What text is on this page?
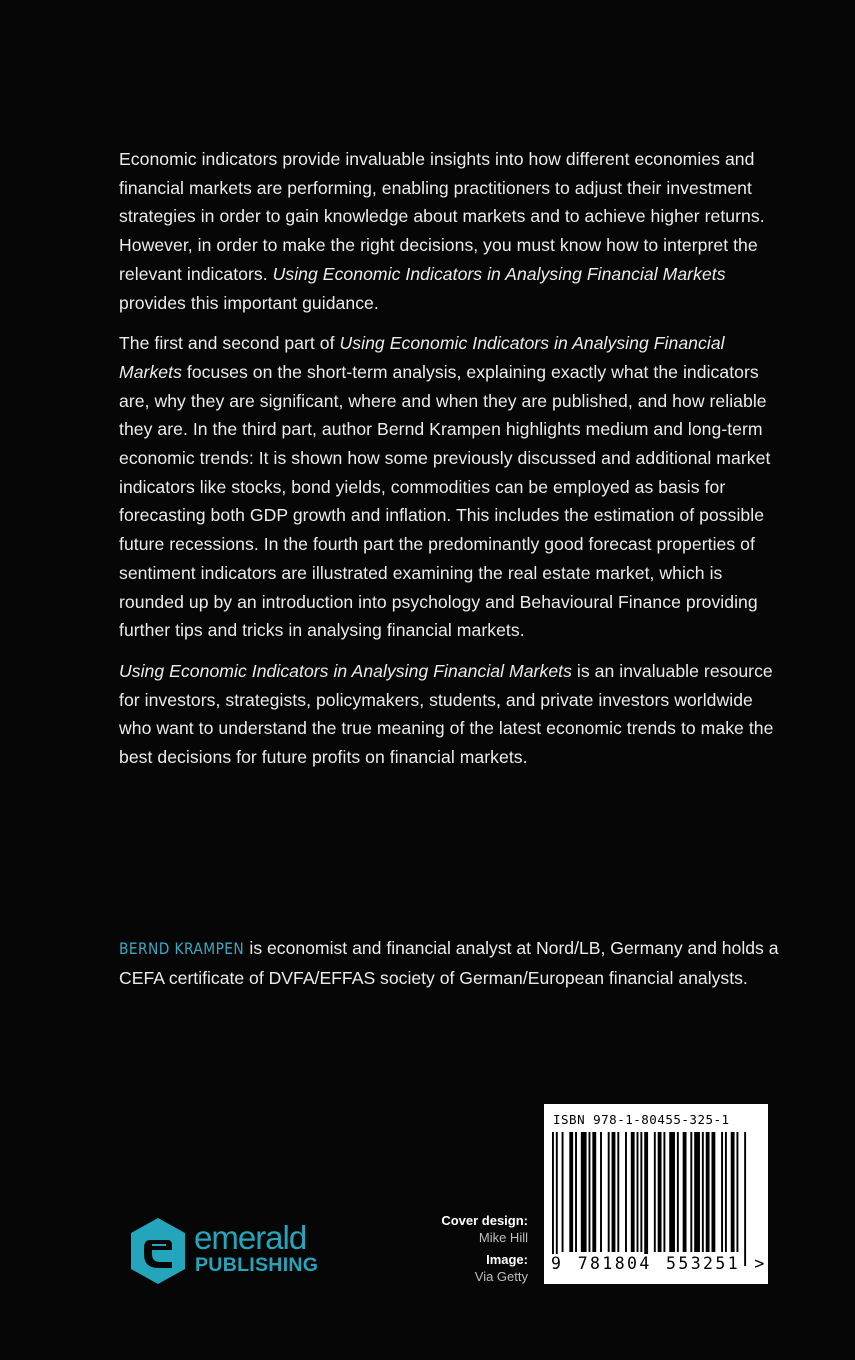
Economic indicators provide invaluable insights into how different economies and financial markets are performing, enabling practitioners to adjust their investment strategies in order to gain knowledge about markets and to achieve higher returns. However, in order to make the right decisions, you must know how to interpret the relevant indicators. Using Economic Indicators in Analysing Financial Markets provides this important guidance.

The first and second part of Using Economic Indicators in Analysing Financial Markets focuses on the short-term analysis, explaining exactly what the indicators are, why they are significant, where and when they are published, and how reliable they are. In the third part, author Bernd Krampen highlights medium and long-term economic trends: It is shown how some previously discussed and additional market indicators like stocks, bond yields, commodities can be employed as basis for forecasting both GDP growth and inflation. This includes the estimation of possible future recessions. In the fourth part the predominantly good forecast properties of sentiment indicators are illustrated examining the real estate market, which is rounded up by an introduction into psychology and Behavioural Finance providing further tips and tricks in analysing financial markets.

Using Economic Indicators in Analysing Financial Markets is an invaluable resource for investors, strategists, policymakers, students, and private investors worldwide who want to understand the true meaning of the latest economic trends to make the best decisions for future profits on financial markets.

BERND KRAMPEN is economist and financial analyst at Nord/LB, Germany and holds a CEFA certificate of DVFA/EFFAS society of German/European financial analysts.
emerald
PUBLISHING
Cover design:
Mike Hill
Image:
Via Getty
ISBN 978-1-80455-325-1
9 781804 553251 >
